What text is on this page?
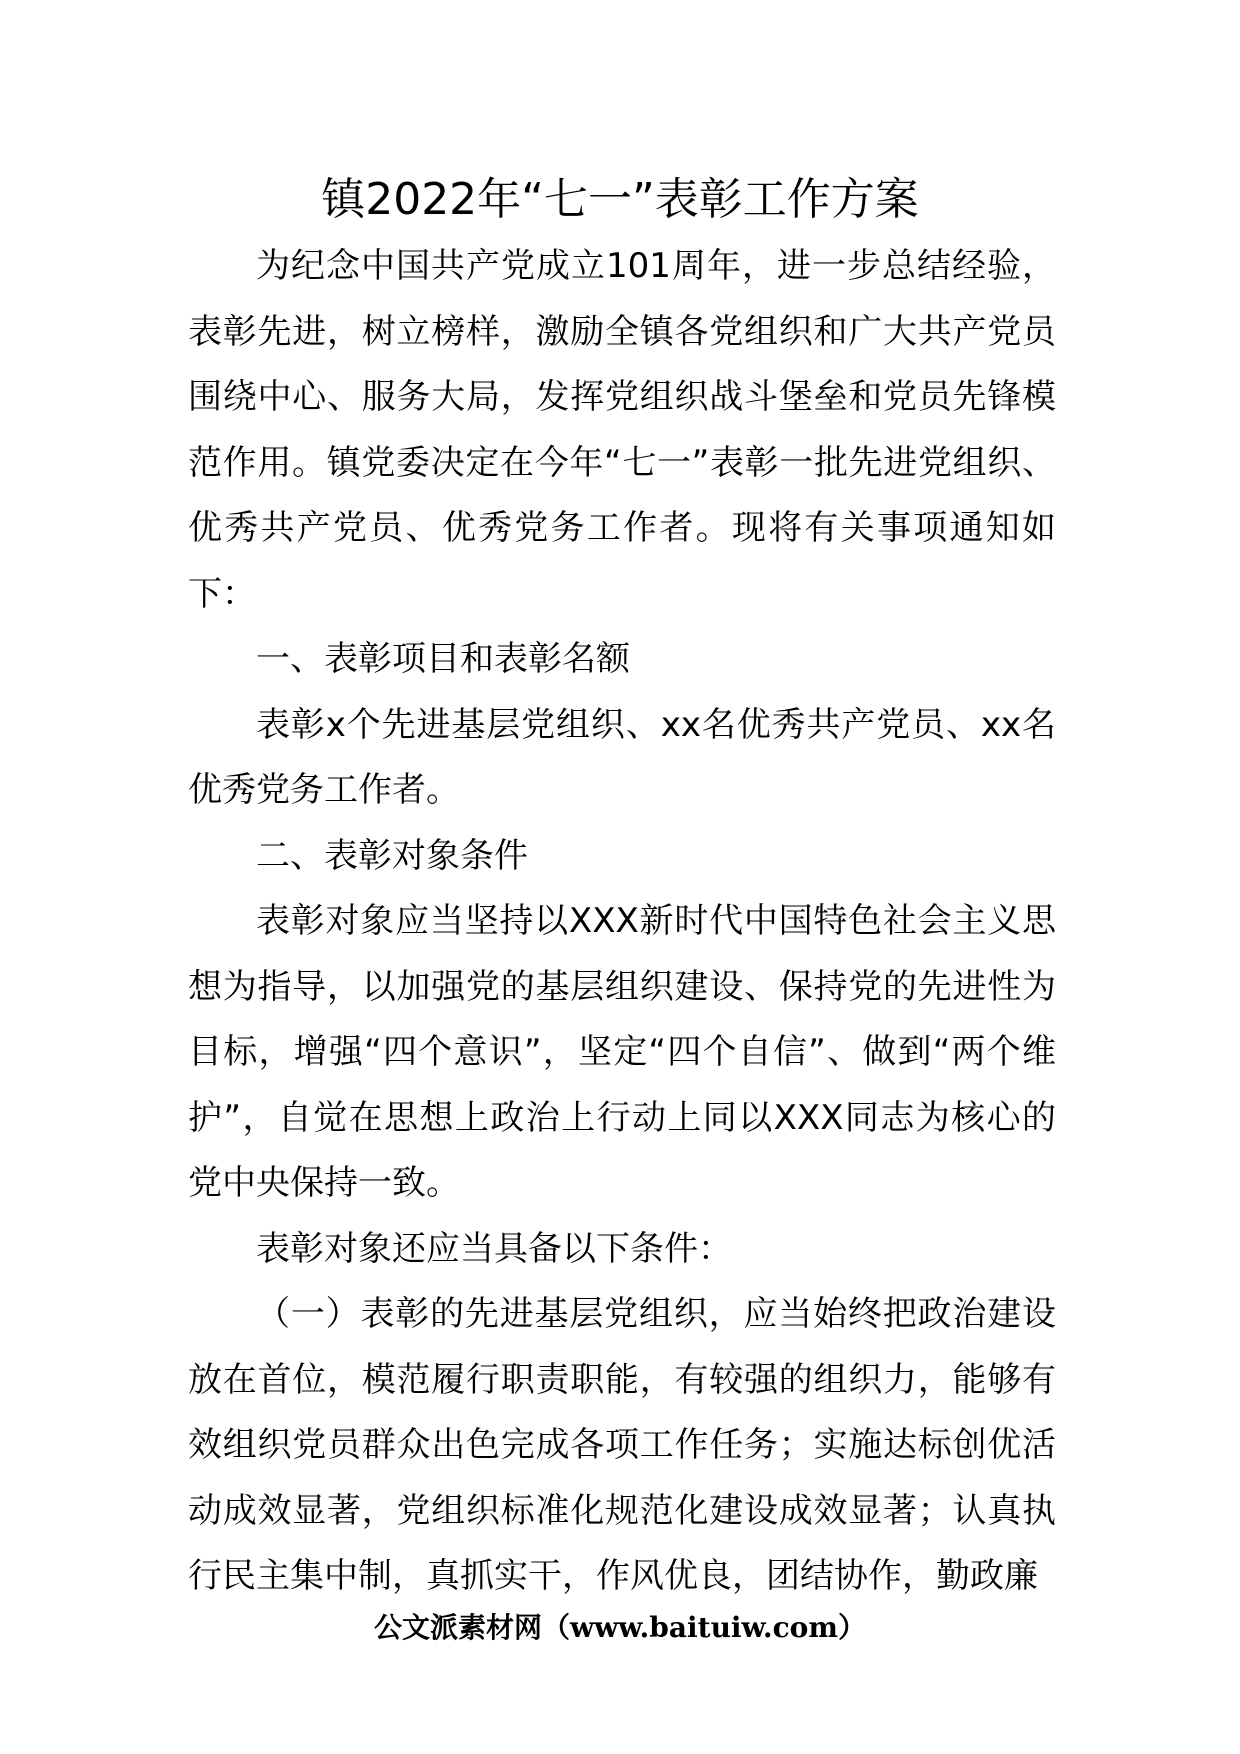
镇2022年“七一”表彰工作方案

为纪念中国共产党成立101周年，进一步总结经验，表彰先进，树立榜样，激励全镇各党组织和广大共产党员围绕中心、服务大局，发挥党组织战斗堡垒和党员先锋模范作用。镇党委决定在今年“七一”表彰一批先进党组织、优秀共产党员、优秀党务工作者。现将有关事项通知如下：

一、表彰项目和表彰名额

表彰x个先进基层党组织、xx名优秀共产党员、xx名优秀党务工作者。

二、表彰对象条件

表彰对象应当坚持以XXX新时代中国特色社会主义思想为指导，以加强党的基层组织建设、保持党的先进性为目标，增强“四个意识”，坚定“四个自信”、做到“两个维护”，自觉在思想上政治上行动上同以XXX同志为核心的党中央保持一致。

表彰对象还应当具备以下条件：

（一）表彰的先进基层党组织，应当始终把政治建设放在首位，模范履行职责职能，有较强的组织力，能够有效组织党员群众出色完成各项工作任务；实施达标创优活动成效显著，党组织标准化规范化建设成效显著；认真执行民主集中制，真抓实干，作风优良，团结协作，勤政廉

公文派素材网（www.baituiw.com）
